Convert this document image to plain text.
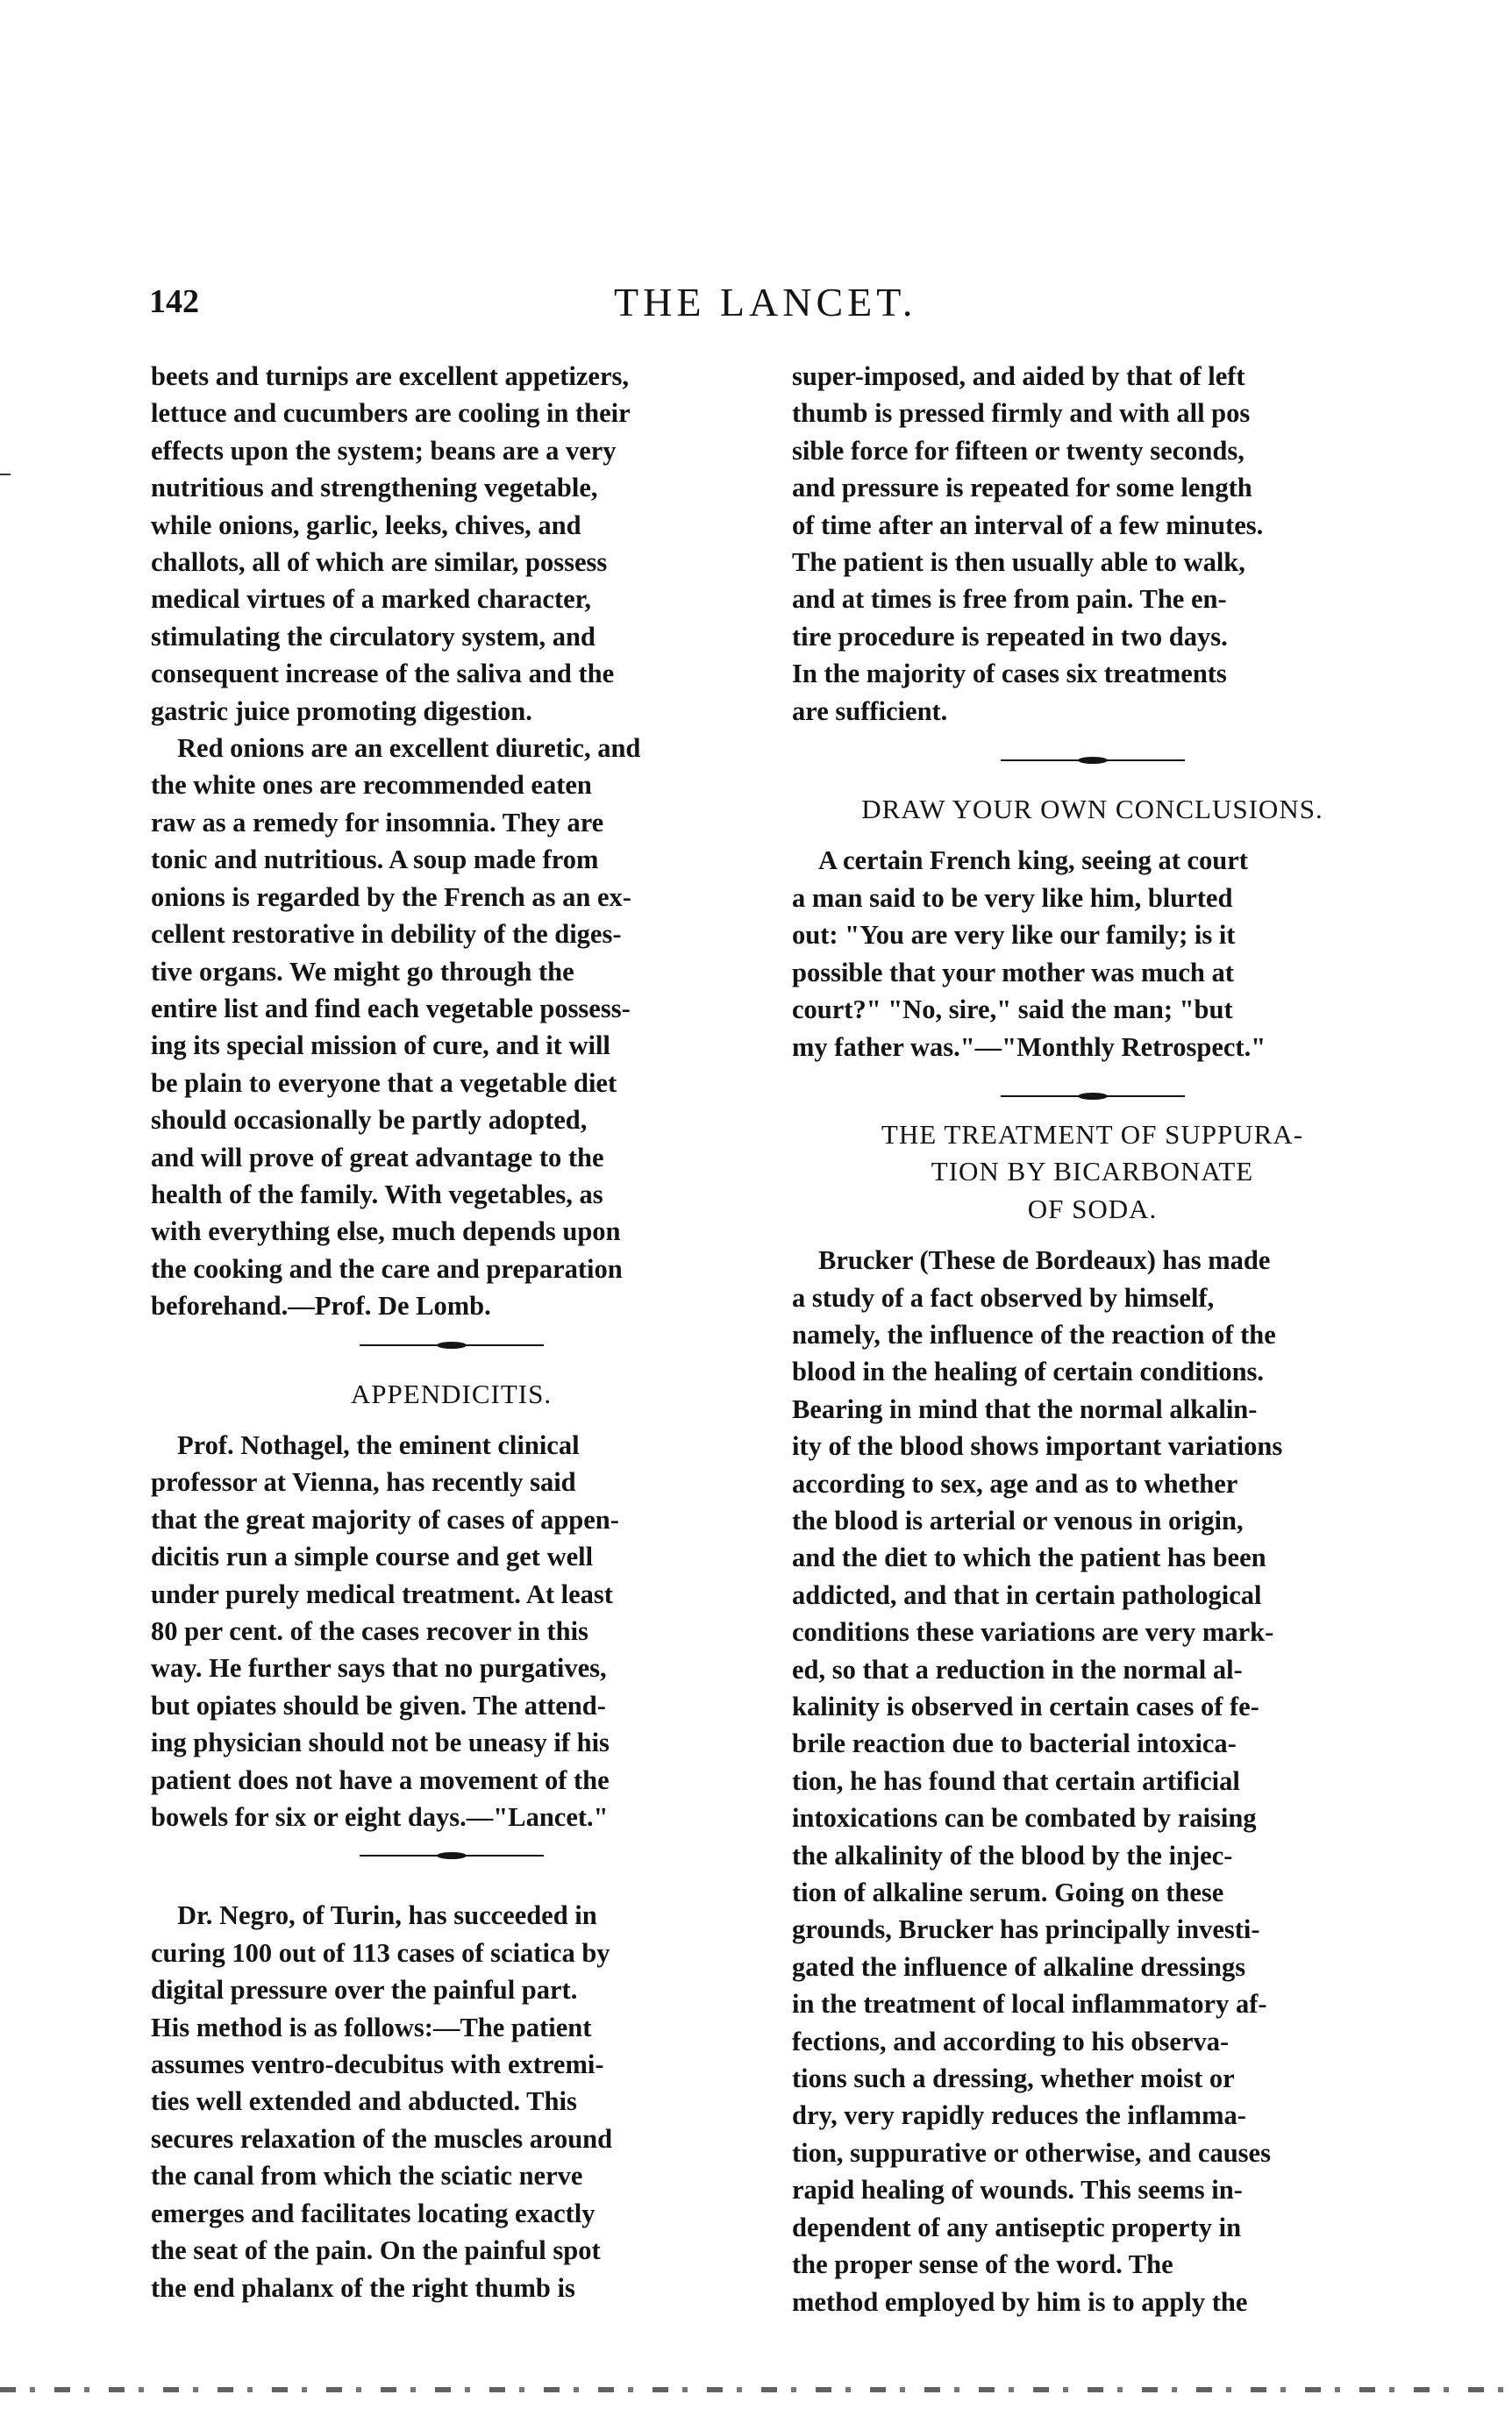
142	THE LANCET.

beets and turnips are excellent appetizers,
lettuce and cucumbers are cooling in their
effects upon the system; beans are a very
nutritious and strengthening vegetable,
while onions, garlic, leeks, chives, and
challots, all of which are similar, possess
medical virtues of a marked character,
stimulating the circulatory system, and
consequent increase of the saliva and the
gastric juice promoting digestion.

Red onions are an excellent diuretic, and
the white ones are recommended eaten
raw as a remedy for insomnia. They are
tonic and nutritious. A soup made from
onions is regarded by the French as an ex-
cellent restorative in debility of the diges-
tive organs. We might go through the
entire list and find each vegetable possess-
ing its special mission of cure, and it will
be plain to everyone that a vegetable diet
should occasionally be partly adopted,
and will prove of great advantage to the
health of the family. With vegetables, as
with everything else, much depends upon
the cooking and the care and preparation
beforehand.—Prof. De Lomb.

APPENDICITIS.

Prof. Nothagel, the eminent clinical
professor at Vienna, has recently said
that the great majority of cases of appen-
dicitis run a simple course and get well
under purely medical treatment. At least
80 per cent. of the cases recover in this
way. He further says that no purgatives,
but opiates should be given. The attend-
ing physician should not be uneasy if his
patient does not have a movement of the
bowels for six or eight days.—"Lancet."

Dr. Negro, of Turin, has succeeded in
curing 100 out of 113 cases of sciatica by
digital pressure over the painful part.
His method is as follows:—The patient
assumes ventro-decubitus with extremi-
ties well extended and abducted. This
secures relaxation of the muscles around
the canal from which the sciatic nerve
emerges and facilitates locating exactly
the seat of the pain. On the painful spot
the end phalanx of the right thumb is

super-imposed, and aided by that of left
thumb is pressed firmly and with all pos
sible force for fifteen or twenty seconds,
and pressure is repeated for some length
of time after an interval of a few minutes.
The patient is then usually able to walk,
and at times is free from pain. The en-
tire procedure is repeated in two days.
In the majority of cases six treatments
are sufficient.

DRAW YOUR OWN CONCLUSIONS.

A certain French king, seeing at court
a man said to be very like him, blurted
out: "You are very like our family; is it
possible that your mother was much at
court?" "No, sire," said the man; "but
my father was."—"Monthly Retrospect."

THE TREATMENT OF SUPPURA-
TION BY BICARBONATE
OF SODA.

Brucker (These de Bordeaux) has made
a study of a fact observed by himself,
namely, the influence of the reaction of the
blood in the healing of certain conditions.
Bearing in mind that the normal alkalin-
ity of the blood shows important variations
according to sex, age and as to whether
the blood is arterial or venous in origin,
and the diet to which the patient has been
addicted, and that in certain pathological
conditions these variations are very mark-
ed, so that a reduction in the normal al-
kalinity is observed in certain cases of fe-
brile reaction due to bacterial intoxica-
tion, he has found that certain artificial
intoxications can be combated by raising
the alkalinity of the blood by the injec-
tion of alkaline serum. Going on these
grounds, Brucker has principally investi-
gated the influence of alkaline dressings
in the treatment of local inflammatory af-
fections, and according to his observa-
tions such a dressing, whether moist or
dry, very rapidly reduces the inflamma-
tion, suppurative or otherwise, and causes
rapid healing of wounds. This seems in-
dependent of any antiseptic property in
the proper sense of the word. The
method employed by him is to apply the
